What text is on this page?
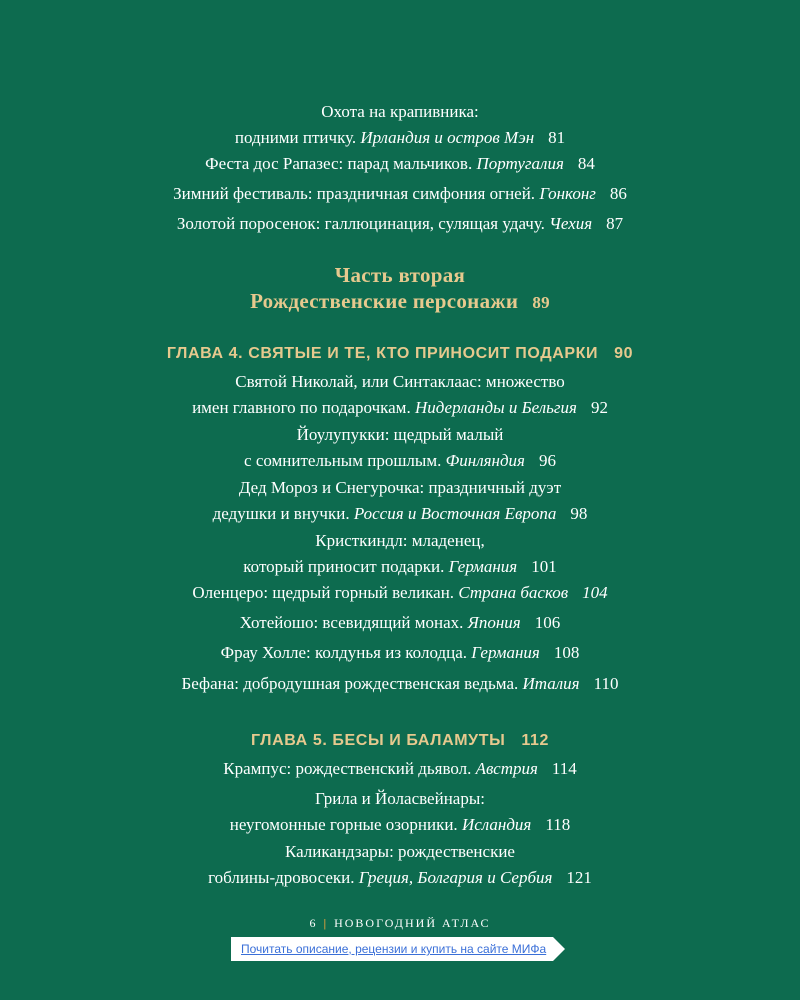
Охота на крапивника:
подними птичку. Ирландия и остров Мэн 81
Феста дос Рапазес: парад мальчиков. Португалия 84
Зимний фестиваль: праздничная симфония огней. Гонконг 86
Золотой поросенок: галлюцинация, сулящая удачу. Чехия 87
Часть вторая
Рождественские персонажи 89
ГЛАВА 4. СВЯТЫЕ И ТЕ, КТО ПРИНОСИТ ПОДАРКИ 90
Святой Николай, или Синтаклаас: множество
имен главного по подарочкам. Нидерланды и Бельгия 92
Йоулупукки: щедрый малый
с сомнительным прошлым. Финляндия 96
Дед Мороз и Снегурочка: праздничный дуэт
дедушки и внучки. Россия и Восточная Европа 98
Кристкиндл: младенец,
который приносит подарки. Германия 101
Оленцеро: щедрый горный великан. Страна басков 104
Хотейошо: всевидящий монах. Япония 106
Фрау Холле: колдунья из колодца. Германия 108
Бефана: добродушная рождественская ведьма. Италия 110
ГЛАВА 5. БЕСЫ И БАЛАМУТЫ 112
Крампус: рождественский дьявол. Австрия 114
Грила и Йоласвейнары:
неугомонные горные озорники. Исландия 118
Каликандзары: рождественские
гоблины-дровосеки. Греция, Болгария и Сербия 121
6 | НОВОГОДНИЙ АТЛАС
Почитать описание, рецензии и купить на сайте МИФа
